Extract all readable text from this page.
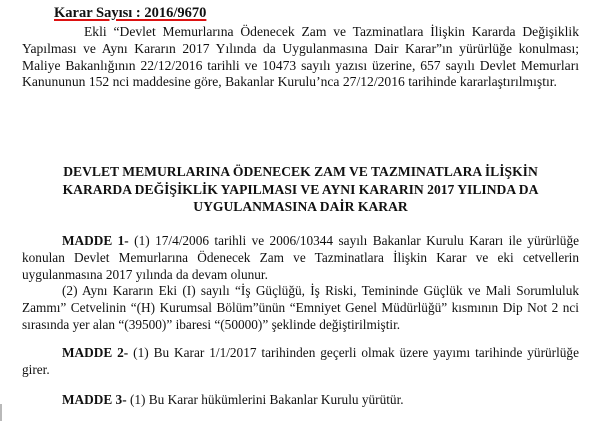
Karar Sayısı : 2016/9670

Ekli “Devlet Memurlarına Ödenecek Zam ve Tazminatlara İlişkin Kararda Değişiklik Yapılması ve Aynı Kararın 2017 Yılında da Uygulanmasına Dair Karar”ın yürürlüğe konulması; Maliye Bakanlığının 22/12/2016 tarihli ve 10473 sayılı yazısı üzerine, 657 sayılı Devlet Memurları Kanununun 152 nci maddesine göre, Bakanlar Kurulu’nca 27/12/2016 tarihinde kararlaştırılmıştır.

DEVLET MEMURLARINA ÖDENECEK ZAM VE TAZMINATLARA İLİŞKİN
KARARDA DEĞİŞİKLİK YAPILMASI VE AYNI KARARIN 2017 YILINDA DA
UYGULANMASINA DAİR KARAR

MADDE 1- (1) 17/4/2006 tarihli ve 2006/10344 sayılı Bakanlar Kurulu Kararı ile yürürlüğe konulan Devlet Memurlarına Ödenecek Zam ve Tazminatlara İlişkin Karar ve eki cetvellerin uygulanmasına 2017 yılında da devam olunur.

(2) Aynı Kararın Eki (I) sayılı “İş Güçlüğü, İş Riski, Temininde Güçlük ve Mali Sorumluluk Zammı” Cetvelinin “(H) Kurumsal Bölüm”ünün “Emniyet Genel Müdürlüğü” kısmının Dip Not 2 nci sırasında yer alan “(39500)” ibaresi “(50000)” şeklinde değiştirilmiştir.

MADDE 2- (1) Bu Karar 1/1/2017 tarihinden geçerli olmak üzere yayımı tarihinde yürürlüğe girer.

MADDE 3- (1) Bu Karar hükümlerini Bakanlar Kurulu yürütür.
